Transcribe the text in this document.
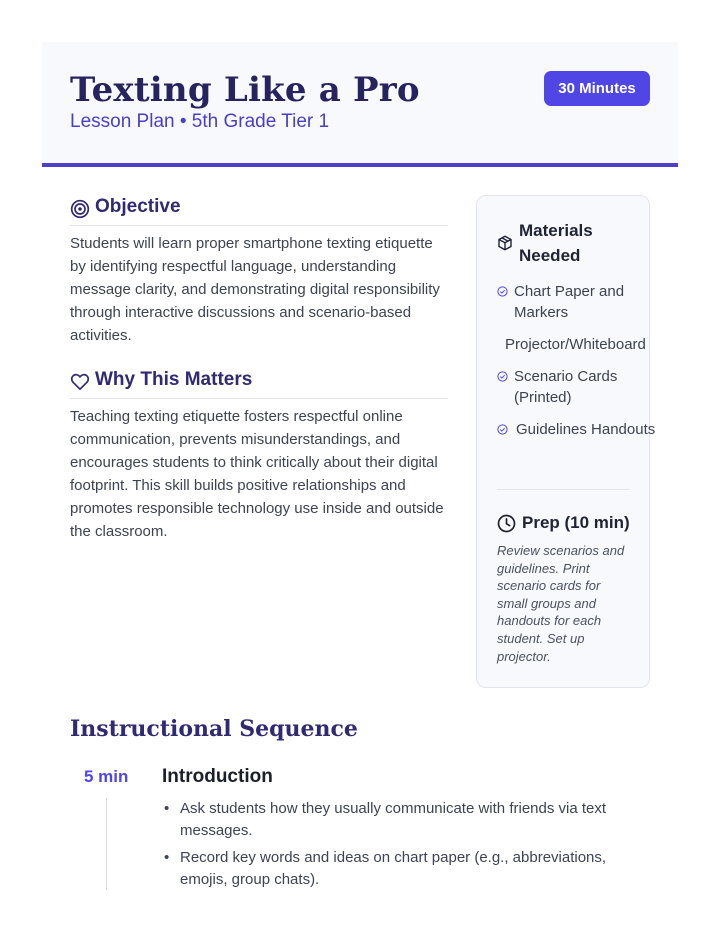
Texting Like a Pro
Lesson Plan • 5th Grade Tier 1
30 Minutes
Objective

Students will learn proper smartphone texting etiquette by identifying respectful language, understanding message clarity, and demonstrating digital responsibility through interactive discussions and scenario-based activities.

Why This Matters

Teaching texting etiquette fosters respectful online communication, prevents misunderstandings, and encourages students to think critically about their digital footprint. This skill builds positive relationships and promotes responsible technology use inside and outside the classroom.

Materials Needed
Chart Paper and Markers
Projector/Whiteboard
Scenario Cards (Printed)
Guidelines Handouts
Prep (10 min)

Review scenarios and guidelines. Print scenario cards for small groups and handouts for each student. Set up projector.

Instructional Sequence
5 min Introduction
• Ask students how they usually communicate with friends via text messages.
• Record key words and ideas on chart paper (e.g., abbreviations, emojis, group chats).
